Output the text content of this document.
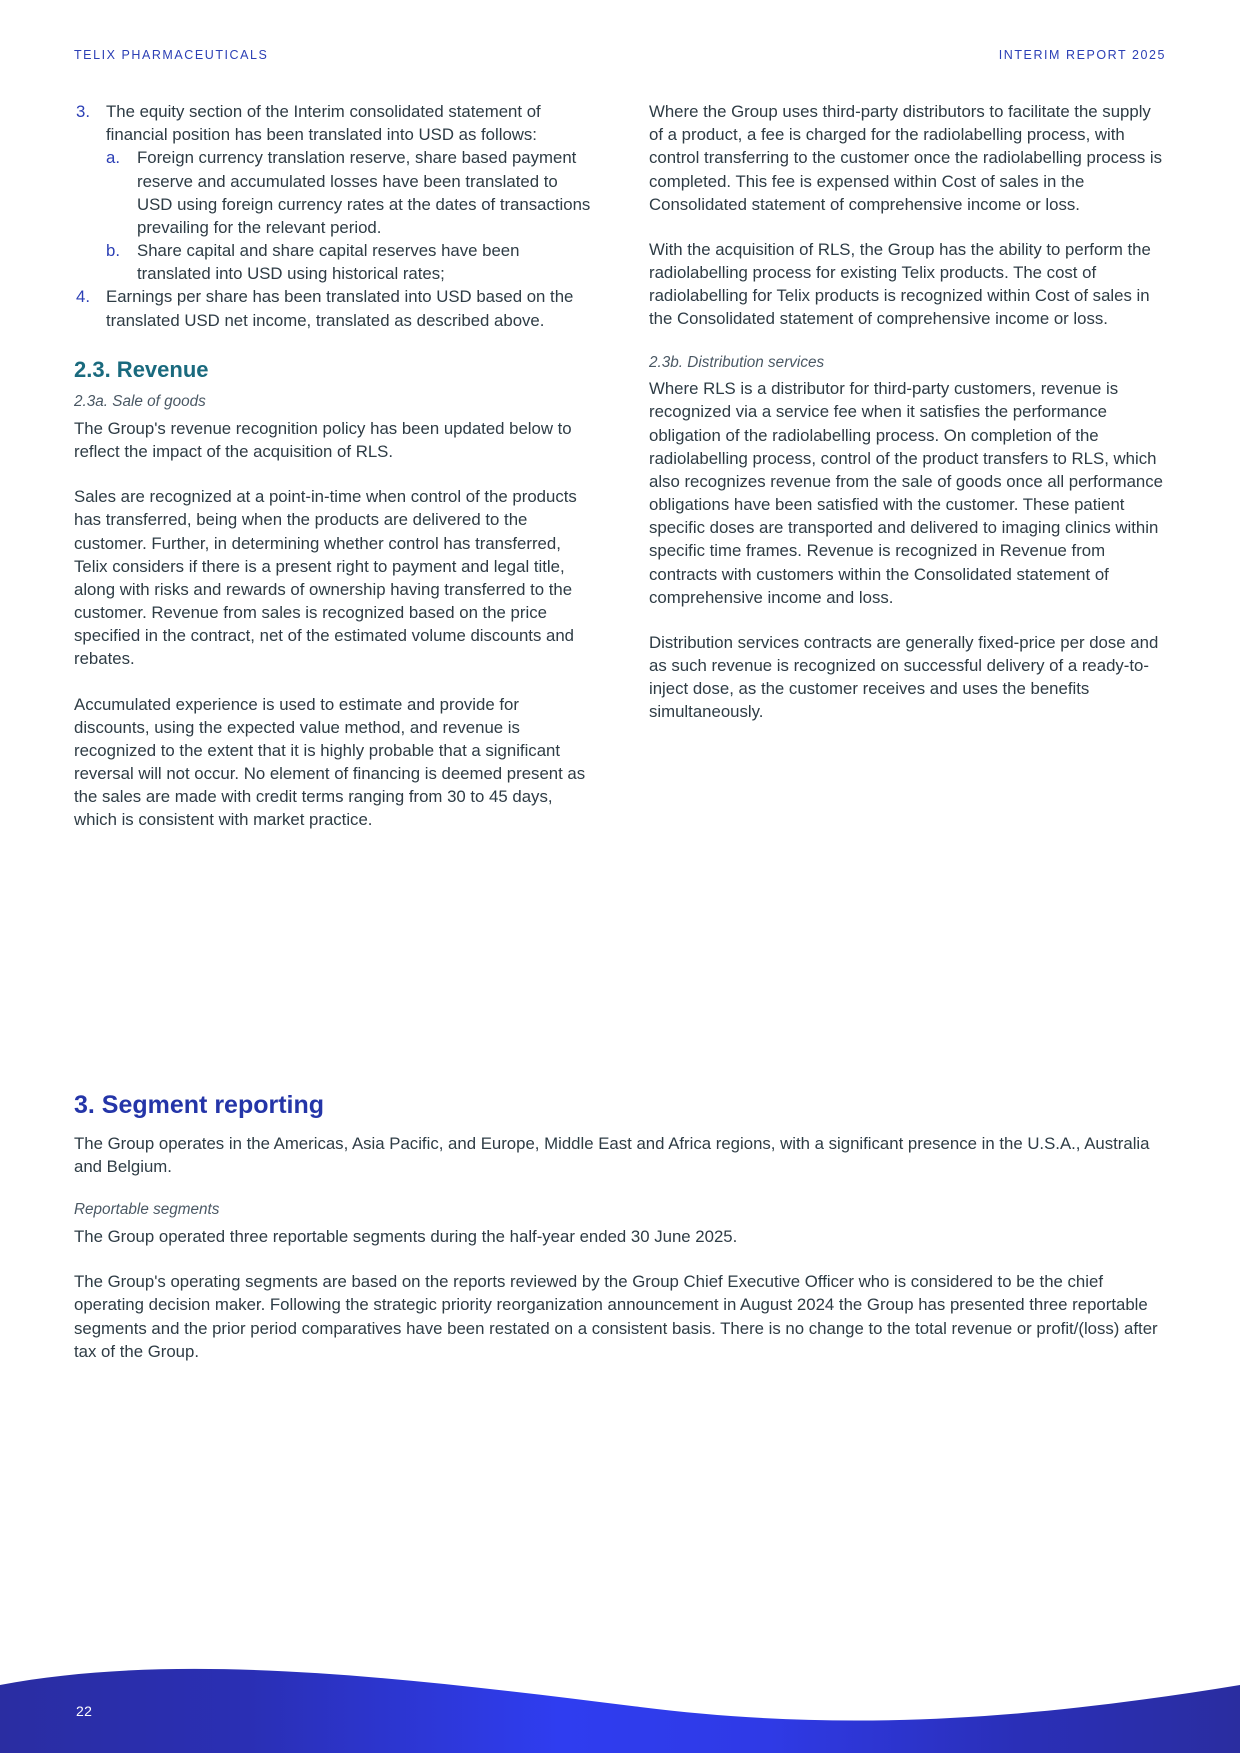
TELIX PHARMACEUTICALS	INTERIM REPORT 2025
3. The equity section of the Interim consolidated statement of financial position has been translated into USD as follows:
a. Foreign currency translation reserve, share based payment reserve and accumulated losses have been translated to USD using foreign currency rates at the dates of transactions prevailing for the relevant period.
b. Share capital and share capital reserves have been translated into USD using historical rates;
4. Earnings per share has been translated into USD based on the translated USD net income, translated as described above.
2.3. Revenue
2.3a. Sale of goods

The Group's revenue recognition policy has been updated below to reflect the impact of the acquisition of RLS.

Sales are recognized at a point-in-time when control of the products has transferred, being when the products are delivered to the customer. Further, in determining whether control has transferred, Telix considers if there is a present right to payment and legal title, along with risks and rewards of ownership having transferred to the customer. Revenue from sales is recognized based on the price specified in the contract, net of the estimated volume discounts and rebates.

Accumulated experience is used to estimate and provide for discounts, using the expected value method, and revenue is recognized to the extent that it is highly probable that a significant reversal will not occur. No element of financing is deemed present as the sales are made with credit terms ranging from 30 to 45 days, which is consistent with market practice.

Where the Group uses third-party distributors to facilitate the supply of a product, a fee is charged for the radiolabelling process, with control transferring to the customer once the radiolabelling process is completed. This fee is expensed within Cost of sales in the Consolidated statement of comprehensive income or loss.

With the acquisition of RLS, the Group has the ability to perform the radiolabelling process for existing Telix products. The cost of radiolabelling for Telix products is recognized within Cost of sales in the Consolidated statement of comprehensive income or loss.

2.3b. Distribution services

Where RLS is a distributor for third-party customers, revenue is recognized via a service fee when it satisfies the performance obligation of the radiolabelling process. On completion of the radiolabelling process, control of the product transfers to RLS, which also recognizes revenue from the sale of goods once all performance obligations have been satisfied with the customer. These patient specific doses are transported and delivered to imaging clinics within specific time frames. Revenue is recognized in Revenue from contracts with customers within the Consolidated statement of comprehensive income and loss.

Distribution services contracts are generally fixed-price per dose and as such revenue is recognized on successful delivery of a ready-to-inject dose, as the customer receives and uses the benefits simultaneously.

3. Segment reporting

The Group operates in the Americas, Asia Pacific, and Europe, Middle East and Africa regions, with a significant presence in the U.S.A., Australia and Belgium.

Reportable segments

The Group operated three reportable segments during the half-year ended 30 June 2025.

The Group's operating segments are based on the reports reviewed by the Group Chief Executive Officer who is considered to be the chief operating decision maker. Following the strategic priority reorganization announcement in August 2024 the Group has presented three reportable segments and the prior period comparatives have been restated on a consistent basis. There is no change to the total revenue or profit/(loss) after tax of the Group.

22
